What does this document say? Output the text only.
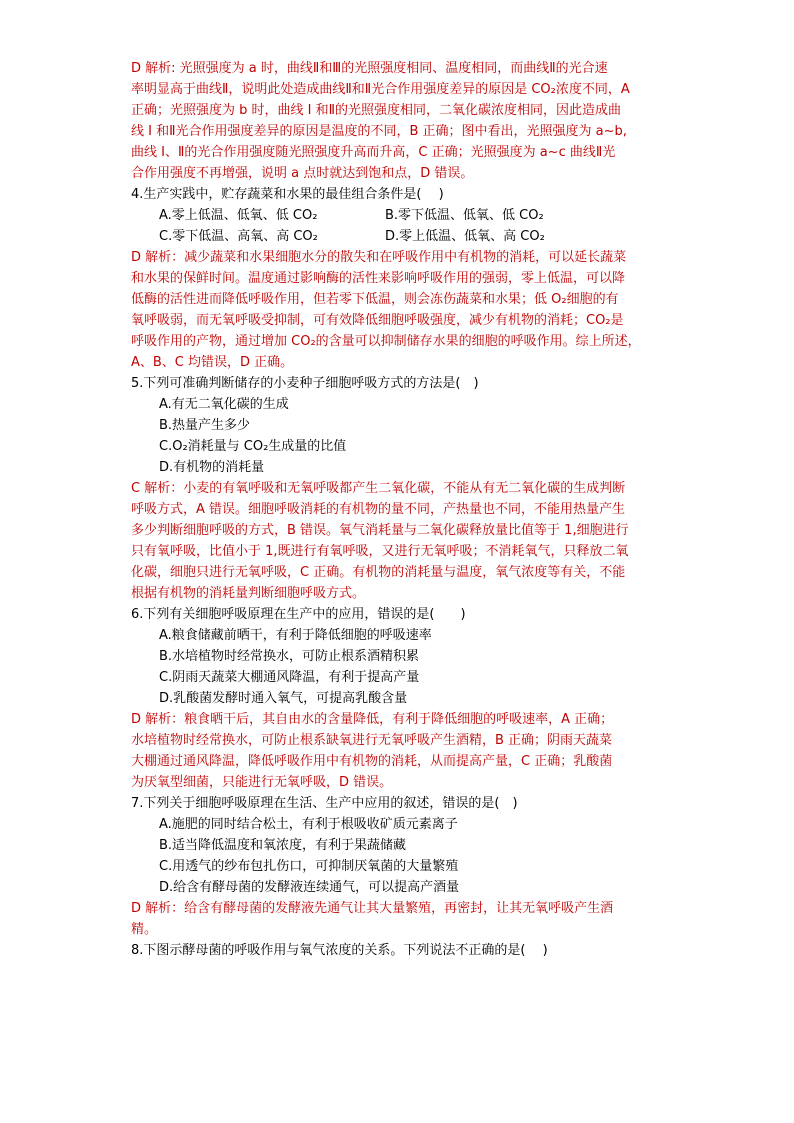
D 解析: 光照强度为 a 时，曲线Ⅱ和Ⅲ的光照强度相同、温度相同，而曲线Ⅱ的光合速
率明显高于曲线Ⅱ，说明此处造成曲线Ⅱ和Ⅱ光合作用强度差异的原因是 CO₂浓度不同，A
正确；光照强度为 b 时，曲线 I 和Ⅱ的光照强度相同，二氧化碳浓度相同，因此造成曲
线 I 和Ⅱ光合作用强度差异的原因是温度的不同，B 正确；图中看出，光照强度为 a~b,
曲线 I、Ⅱ的光合作用强度随光照强度升高而升高，C 正确；光照强度为 a~c 曲线Ⅱ光
合作用强度不再增强，说明 a 点时就达到饱和点，D 错误。
4.生产实践中，贮存蔬菜和水果的最佳组合条件是(　 )
A.零上低温、低氧、低 CO₂	B.零下低温、低氧、低 CO₂
C.零下低温、高氧、高 CO₂	D.零上低温、低氧、高 CO₂
D 解析：减少蔬菜和水果细胞水分的散失和在呼吸作用中有机物的消耗，可以延长蔬菜
和水果的保鲜时间。温度通过影响酶的活性来影响呼吸作用的强弱，零上低温，可以降
低酶的活性进而降低呼吸作用，但若零下低温，则会冻伤蔬菜和水果；低 O₂细胞的有
氧呼吸弱，而无氧呼吸受抑制，可有效降低细胞呼吸强度，减少有机物的消耗；CO₂是
呼吸作用的产物，通过增加 CO₂的含量可以抑制储存水果的细胞的呼吸作用。综上所述，
A、B、C 均错误，D 正确。
5.下列可准确判断储存的小麦种子细胞呼吸方式的方法是(　)
A.有无二氧化碳的生成
B.热量产生多少
C.O₂消耗量与 CO₂生成量的比值
D.有机物的消耗量
C 解析：小麦的有氧呼吸和无氧呼吸都产生二氧化碳，不能从有无二氧化碳的生成判断
呼吸方式，A 错误。细胞呼吸消耗的有机物的量不同，产热量也不同，不能用热量产生
多少判断细胞呼吸的方式，B 错误。氧气消耗量与二氧化碳释放量比值等于 1,细胞进行
只有氧呼吸，比值小于 1,既进行有氧呼吸，又进行无氧呼吸；不消耗氧气，只释放二氧
化碳，细胞只进行无氧呼吸，C 正确。有机物的消耗量与温度，氧气浓度等有关，不能
根据有机物的消耗量判断细胞呼吸方式。
6.下列有关细胞呼吸原理在生产中的应用，错误的是(　　)
A.粮食储藏前晒干，有利于降低细胞的呼吸速率
B.水培植物时经常换水，可防止根系酒精积累
C.阴雨天蔬菜大棚通风降温，有利于提高产量
D.乳酸菌发酵时通入氧气，可提高乳酸含量
D 解析：粮食晒干后，其自由水的含量降低，有利于降低细胞的呼吸速率，A 正确；
水培植物时经常换水，可防止根系缺氧进行无氧呼吸产生酒精，B 正确；阴雨天蔬菜
大棚通过通风降温，降低呼吸作用中有机物的消耗，从而提高产量，C 正确；乳酸菌
为厌氧型细菌，只能进行无氧呼吸，D 错误。
7.下列关于细胞呼吸原理在生活、生产中应用的叙述，错误的是(　)
A.施肥的同时结合松土，有利于根吸收矿质元素离子
B.适当降低温度和氧浓度，有利于果蔬储藏
C.用透气的纱布包扎伤口，可抑制厌氧菌的大量繁殖
D.给含有酵母菌的发酵液连续通气，可以提高产酒量
D 解析：给含有酵母菌的发酵液先通气让其大量繁殖，再密封，让其无氧呼吸产生酒
精。
8.下图示酵母菌的呼吸作用与氧气浓度的关系。下列说法不正确的是(　 )
